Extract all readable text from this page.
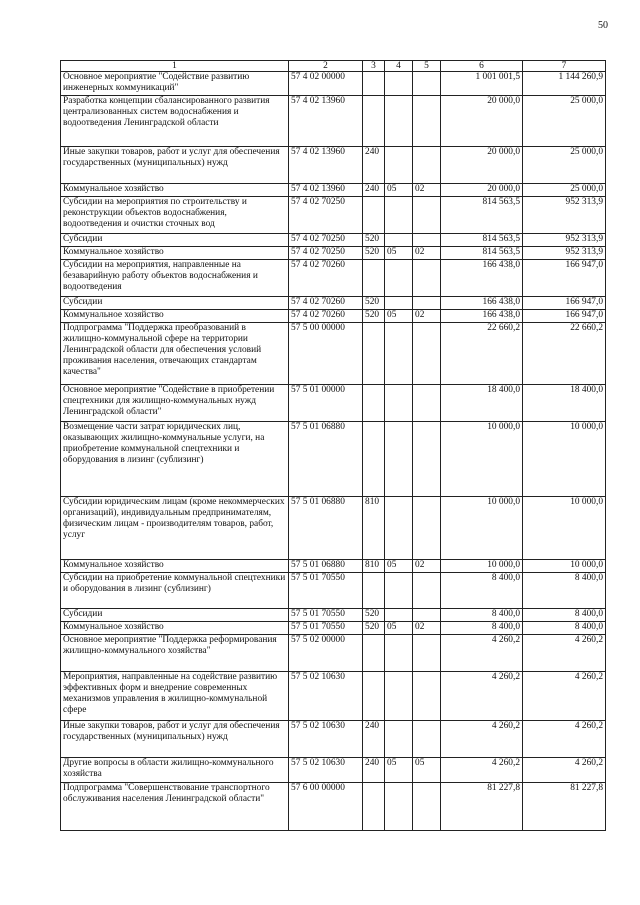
50
1	2	3	4	5	6	7
Основное мероприятие "Содействие развитию инженерных коммуникаций"	57 4 02 00000				1 001 001,5	1 144 260,9
Разработка концепции сбалансированного развития централизованных систем водоснабжения и водоотведения Ленинградской области	57 4 02 13960				20 000,0	25 000,0
Иные закупки товаров, работ и услуг для обеспечения государственных (муниципальных) нужд	57 4 02 13960	240			20 000,0	25 000,0
Коммунальное хозяйство	57 4 02 13960	240	05	02	20 000,0	25 000,0
Субсидии на мероприятия по строительству и реконструкции объектов водоснабжения, водоотведения и очистки сточных вод	57 4 02 70250				814 563,5	952 313,9
Субсидии	57 4 02 70250	520			814 563,5	952 313,9
Коммунальное хозяйство	57 4 02 70250	520	05	02	814 563,5	952 313,9
Субсидии на мероприятия, направленные на безаварийную работу объектов водоснабжения и водоотведения	57 4 02 70260				166 438,0	166 947,0
Субсидии	57 4 02 70260	520			166 438,0	166 947,0
Коммунальное хозяйство	57 4 02 70260	520	05	02	166 438,0	166 947,0
Подпрограмма "Поддержка преобразований в жилищно-коммунальной сфере на территории Ленинградской области для обеспечения условий проживания населения, отвечающих стандартам качества"	57 5 00 00000				22 660,2	22 660,2
Основное мероприятие "Содействие в приобретении спецтехники для жилищно-коммунальных нужд Ленинградской области"	57 5 01 00000				18 400,0	18 400,0
Возмещение части затрат юридических лиц, оказывающих жилищно-коммунальные услуги, на приобретение коммунальной спецтехники и оборудования в лизинг (сублизинг)	57 5 01 06880				10 000,0	10 000,0
Субсидии юридическим лицам (кроме некоммерческих организаций), индивидуальным предпринимателям, физическим лицам - производителям товаров, работ, услуг	57 5 01 06880	810			10 000,0	10 000,0
Коммунальное хозяйство	57 5 01 06880	810	05	02	10 000,0	10 000,0
Субсидии на приобретение коммунальной спецтехники и оборудования в лизинг (сублизинг)	57 5 01 70550				8 400,0	8 400,0
Субсидии	57 5 01 70550	520			8 400,0	8 400,0
Коммунальное хозяйство	57 5 01 70550	520	05	02	8 400,0	8 400,0
Основное мероприятие "Поддержка реформирования жилищно-коммунального хозяйства"	57 5 02 00000				4 260,2	4 260,2
Мероприятия, направленные на содействие развитию эффективных форм и внедрение современных механизмов управления в жилищно-коммунальной сфере	57 5 02 10630				4 260,2	4 260,2
Иные закупки товаров, работ и услуг для обеспечения государственных (муниципальных) нужд	57 5 02 10630	240			4 260,2	4 260,2
Другие вопросы в области жилищно-коммунального хозяйства	57 5 02 10630	240	05	05	4 260,2	4 260,2
Подпрограмма "Совершенствование транспортного обслуживания населения Ленинградской области"	57 6 00 00000				81 227,8	81 227,8
